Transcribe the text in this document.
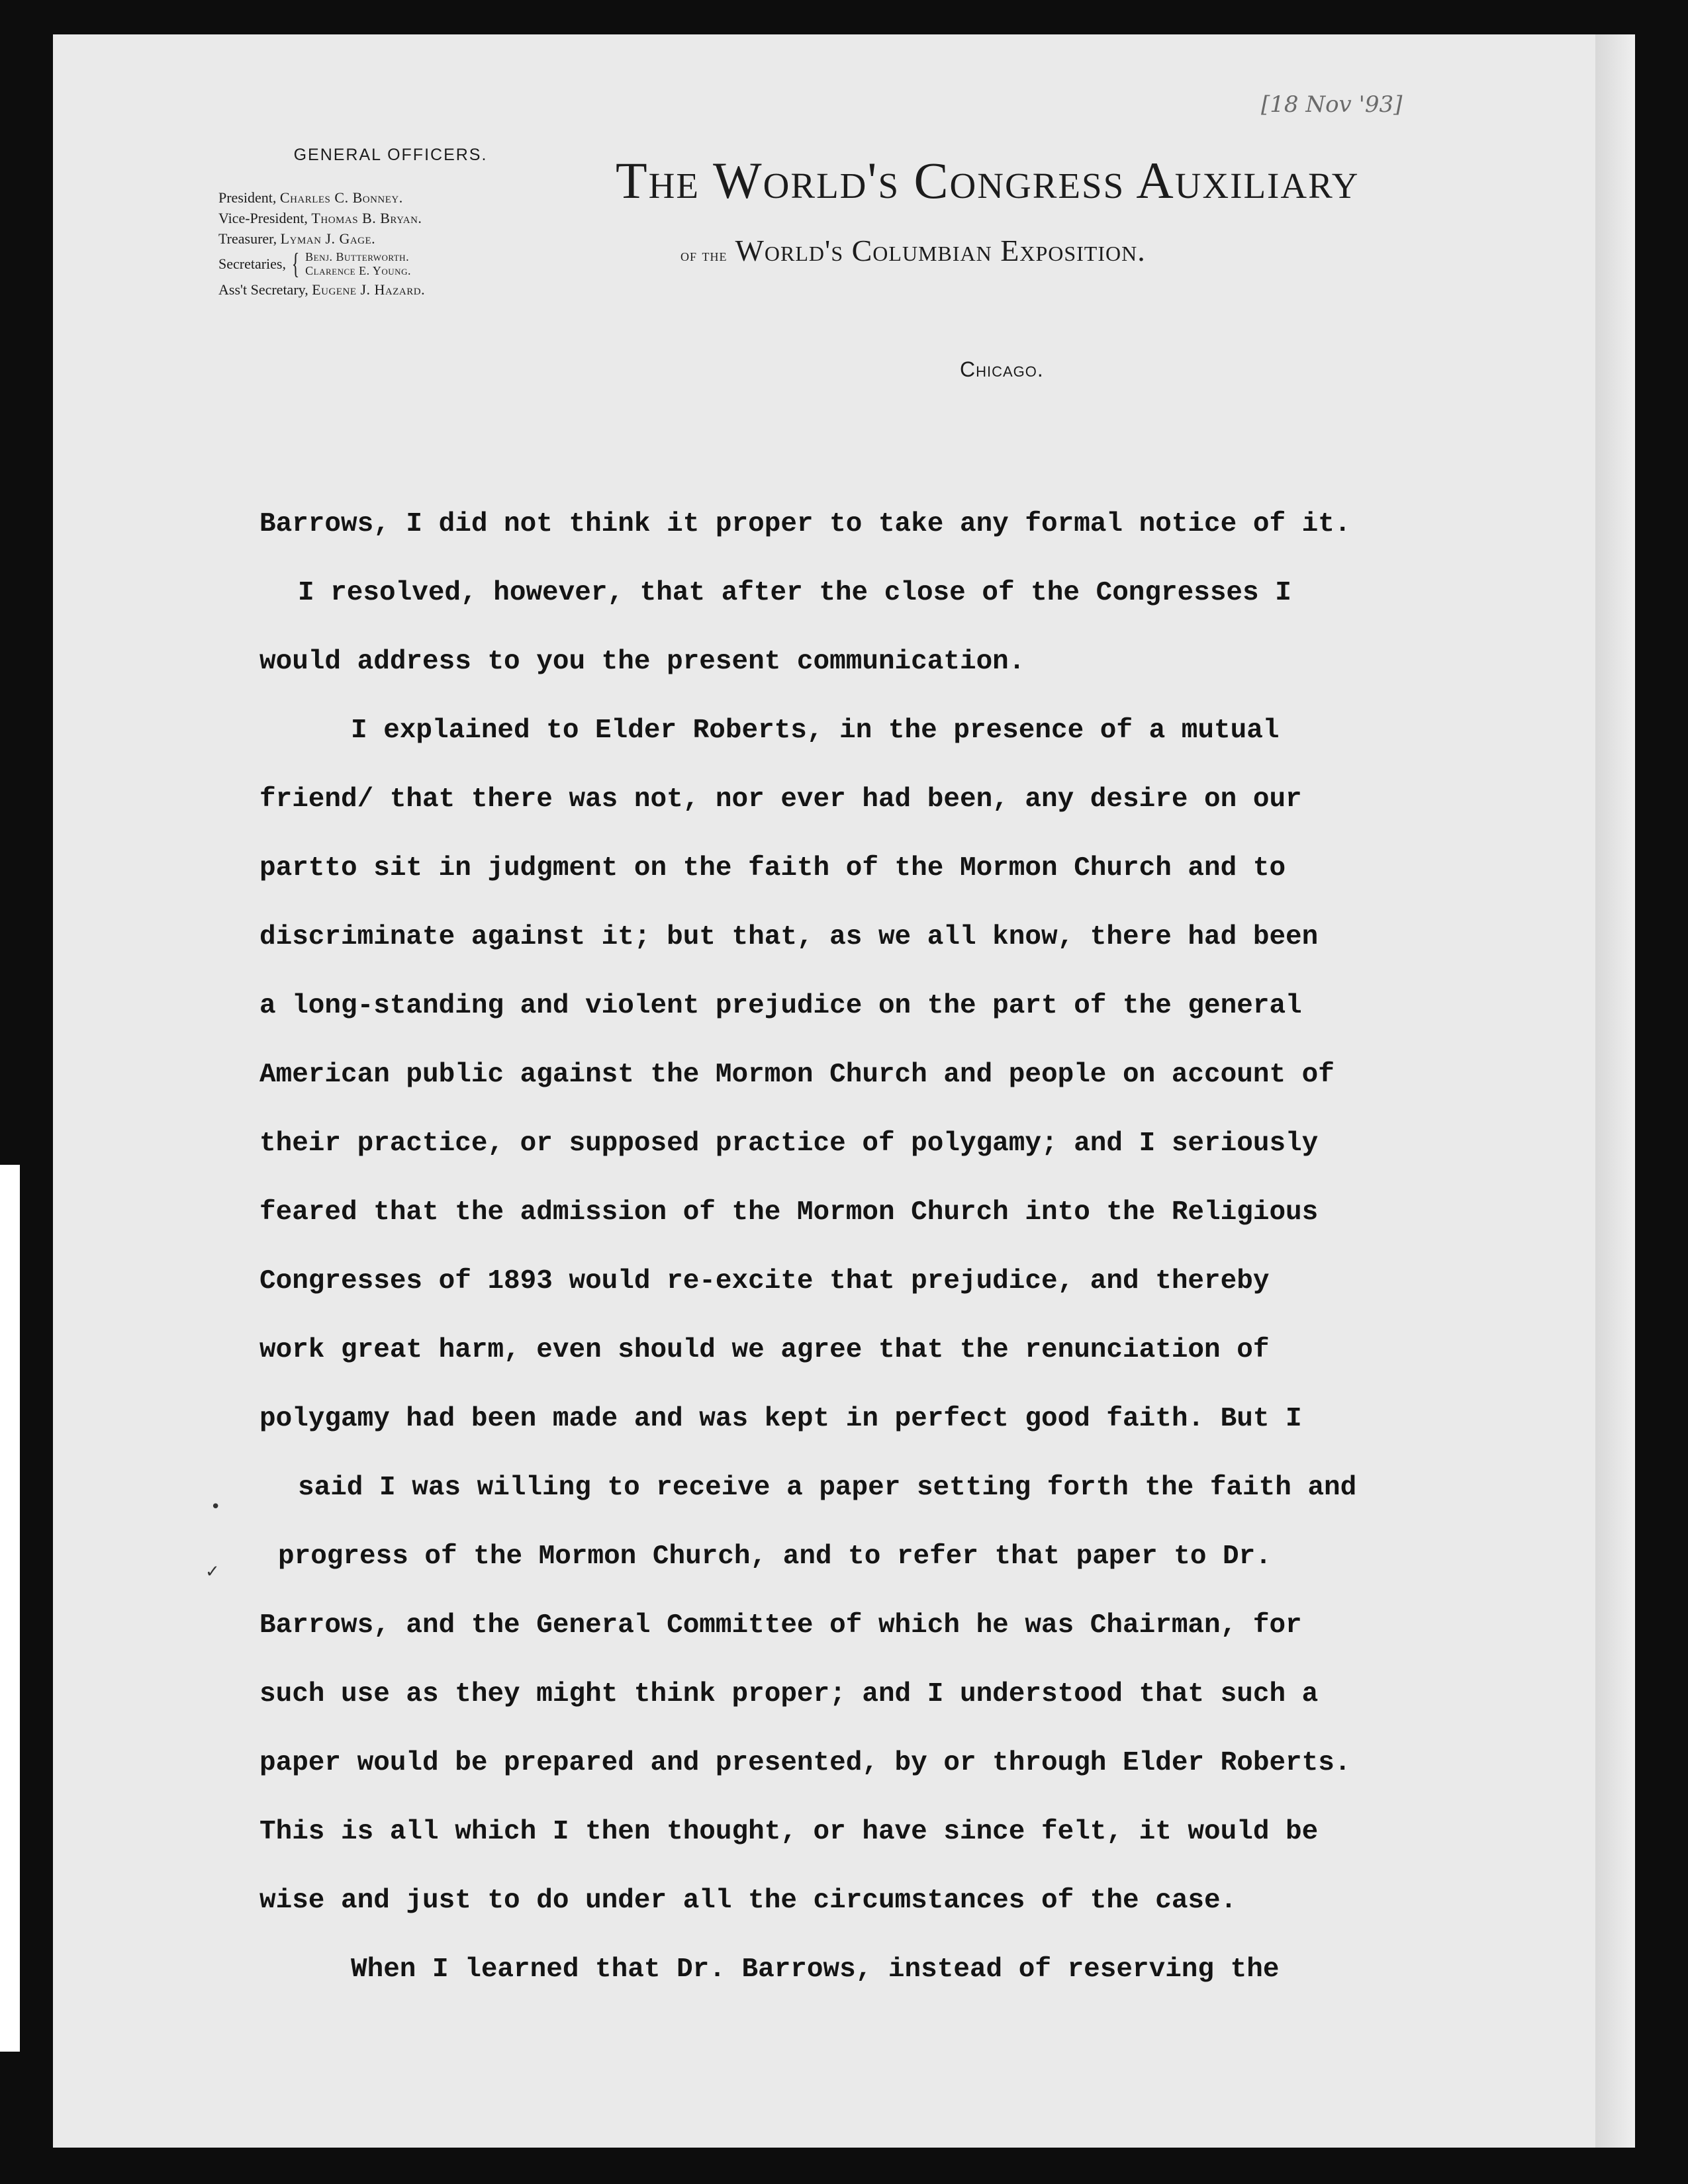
[18 Nov '93]
GENERAL OFFICERS.
President, Charles C. Bonney.
Vice-President, Thomas B. Bryan.
Treasurer, Lyman J. Gage.
Secretaries, { Benj. Butterworth.
Clarence E. Young.
Ass't Secretary, Eugene J. Hazard.
The World's Congress Auxiliary
of the World's Columbian Exposition.
Chicago.
Barrows, I did not think it proper to take any formal notice of it.
I resolved, however, that after the close of the Congresses I
would address to you the present communication.
I explained to Elder Roberts, in the presence of a mutual
friend/ that there was not, nor ever had been, any desire on our
partto sit in judgment on the faith of the Mormon Church and to
discriminate against it; but that, as we all know, there had been
a long-standing and violent prejudice on the part of the general
American public against the Mormon Church and people on account of
their practice, or supposed practice of polygamy; and I seriously
feared that the admission of the Mormon Church into the Religious
Congresses of 1893 would re-excite that prejudice, and thereby
work great harm, even should we agree that the renunciation of
polygamy had been made and was kept in perfect good faith. But I
said I was willing to receive a paper setting forth the faith and
progress of the Mormon Church, and to refer that paper to Dr.
Barrows, and the General Committee of which he was Chairman, for
such use as they might think proper; and I understood that such a
paper would be prepared and presented, by or through Elder Roberts.
This is all which I then thought, or have since felt, it would be
wise and just to do under all the circumstances of the case.
When I learned that Dr. Barrows, instead of reserving the
•
✓
